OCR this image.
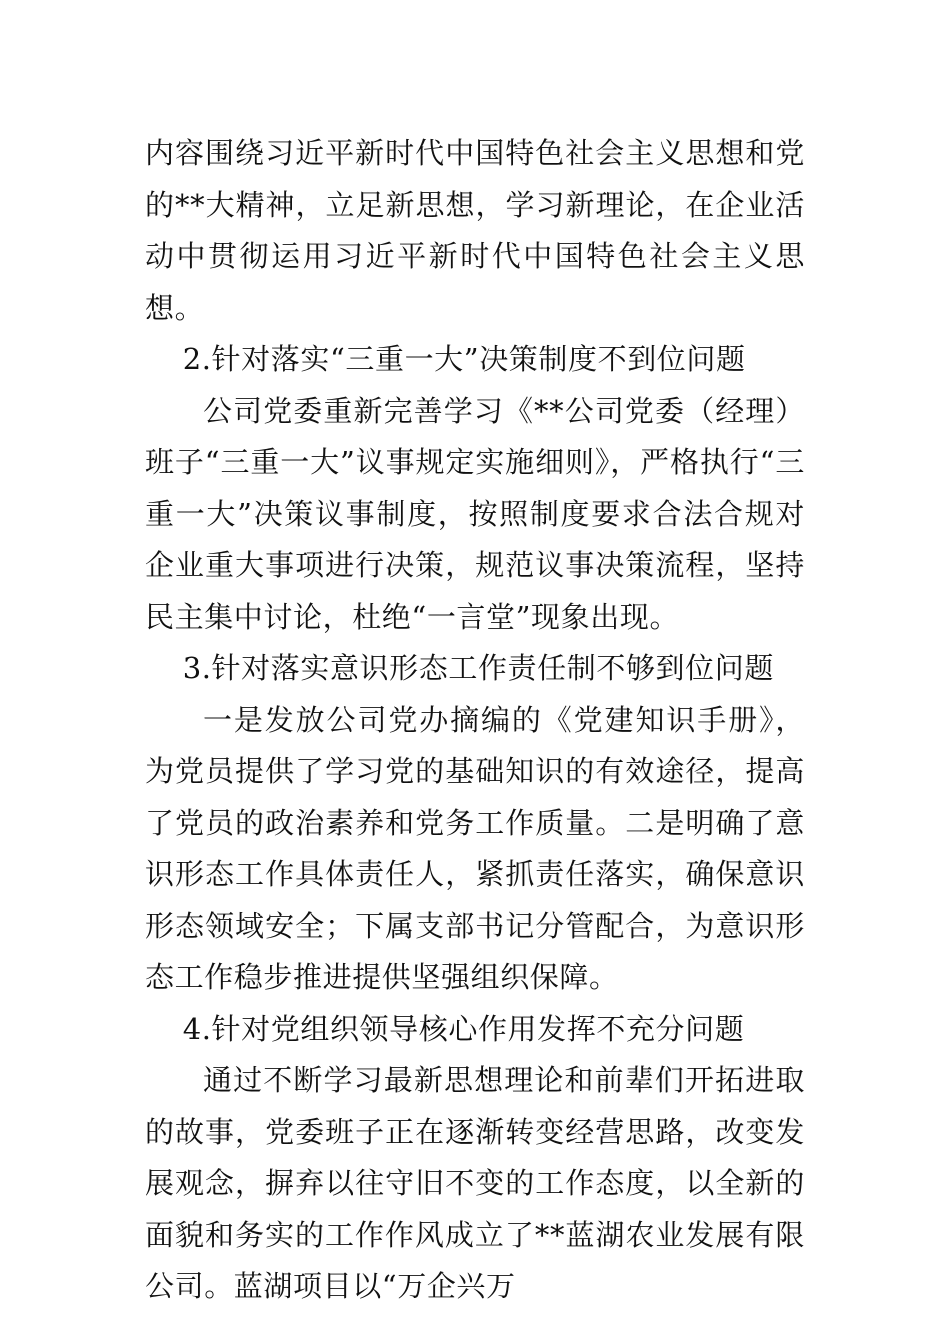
内容围绕习近平新时代中国特色社会主义思想和党的**大精神，立足新思想，学习新理论，在企业活动中贯彻运用习近平新时代中国特色社会主义思想。

2.针对落实“三重一大”决策制度不到位问题

公司党委重新完善学习《**公司党委（经理）班子“三重一大”议事规定实施细则》，严格执行“三重一大”决策议事制度，按照制度要求合法合规对企业重大事项进行决策，规范议事决策流程，坚持民主集中讨论，杜绝“一言堂”现象出现。

3.针对落实意识形态工作责任制不够到位问题

一是发放公司党办摘编的《党建知识手册》，为党员提供了学习党的基础知识的有效途径，提高了党员的政治素养和党务工作质量。二是明确了意识形态工作具体责任人，紧抓责任落实，确保意识形态领域安全；下属支部书记分管配合，为意识形态工作稳步推进提供坚强组织保障。

4.针对党组织领导核心作用发挥不充分问题

通过不断学习最新思想理论和前辈们开拓进取的故事，党委班子正在逐渐转变经营思路，改变发展观念，摒弃以往守旧不变的工作态度，以全新的面貌和务实的工作作风成立了**蓝湖农业发展有限公司。蓝湖项目以“万企兴万
